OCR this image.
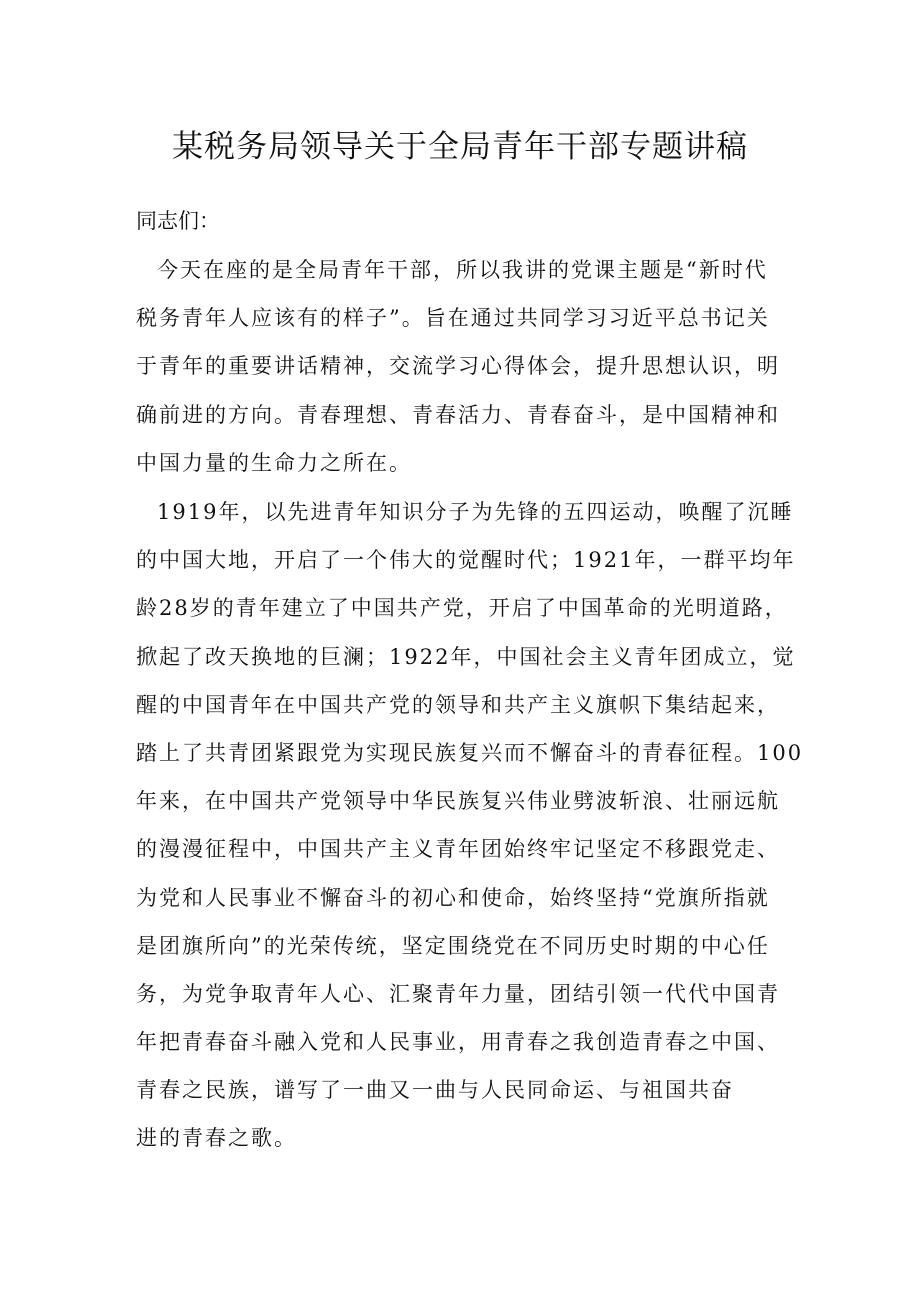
某税务局领导关于全局青年干部专题讲稿
同志们：
今天在座的是全局青年干部，所以我讲的党课主题是“新时代
税务青年人应该有的样子”。旨在通过共同学习习近平总书记关
于青年的重要讲话精神，交流学习心得体会，提升思想认识，明
确前进的方向。青春理想、青春活力、青春奋斗，是中国精神和
中国力量的生命力之所在。
1919年，以先进青年知识分子为先锋的五四运动，唤醒了沉睡
的中国大地，开启了一个伟大的觉醒时代；1921年，一群平均年
龄28岁的青年建立了中国共产党，开启了中国革命的光明道路，
掀起了改天换地的巨澜；1922年，中国社会主义青年团成立，觉
醒的中国青年在中国共产党的领导和共产主义旗帜下集结起来，
踏上了共青团紧跟党为实现民族复兴而不懈奋斗的青春征程。100
年来，在中国共产党领导中华民族复兴伟业劈波斩浪、壮丽远航
的漫漫征程中，中国共产主义青年团始终牢记坚定不移跟党走、
为党和人民事业不懈奋斗的初心和使命，始终坚持“党旗所指就
是团旗所向”的光荣传统，坚定围绕党在不同历史时期的中心任
务，为党争取青年人心、汇聚青年力量，团结引领一代代中国青
年把青春奋斗融入党和人民事业，用青春之我创造青春之中国、
青春之民族，谱写了一曲又一曲与人民同命运、与祖国共奋
进的青春之歌。
